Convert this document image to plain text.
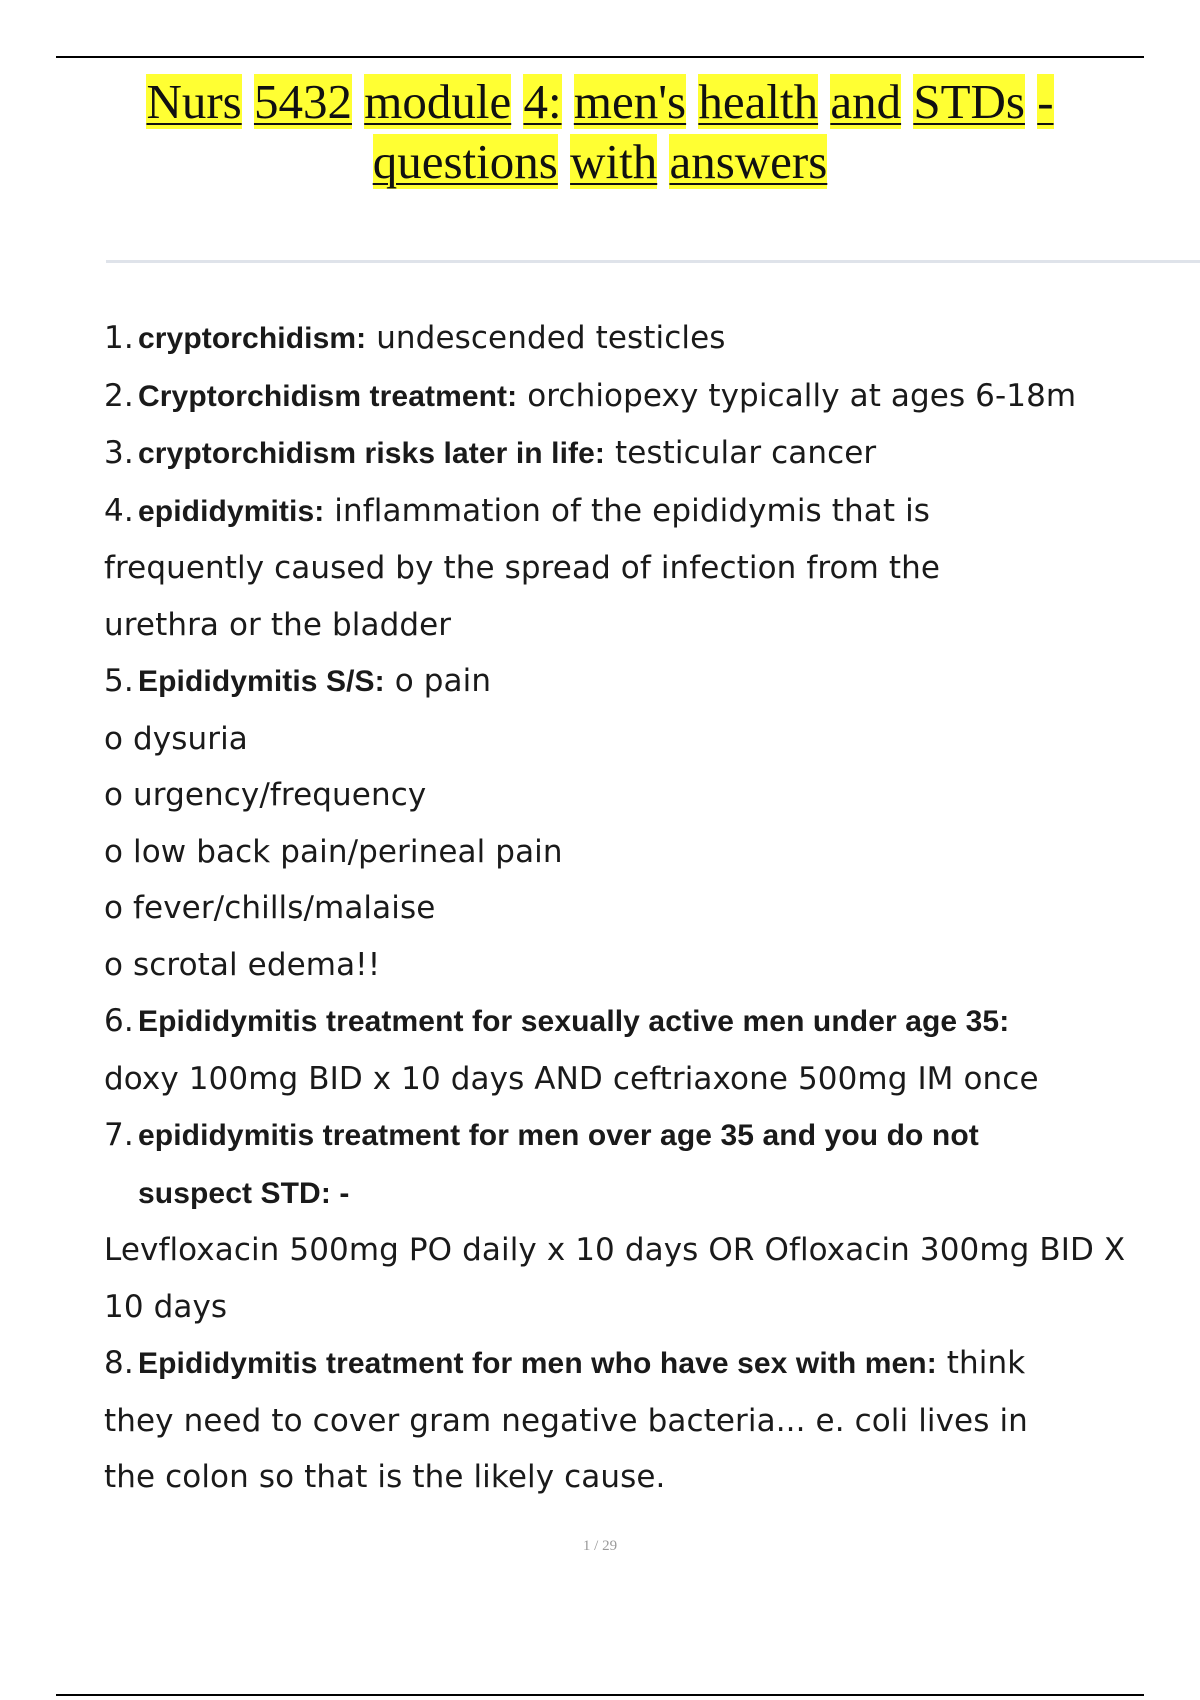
Nurs 5432 module 4: men's health and STDs -
questions with answers
1. cryptorchidism: undescended testicles
2. Cryptorchidism treatment: orchiopexy typically at ages 6-18m
3. cryptorchidism risks later in life: testicular cancer
4. epididymitis: inflammation of the epididymis that is
frequently caused by the spread of infection from the
urethra or the bladder
5. Epididymitis S/S: o pain
o dysuria
o urgency/frequency
o low back pain/perineal pain
o fever/chills/malaise
o scrotal edema!!
6. Epididymitis treatment for sexually active men under age 35:
doxy 100mg BID x 10 days AND ceftriaxone 500mg IM once
7. epididymitis treatment for men over age 35 and you do not
suspect STD: -
Levfloxacin 500mg PO daily x 10 days OR Ofloxacin 300mg BID X
10 days
8. Epididymitis treatment for men who have sex with men: think
they need to cover gram negative bacteria... e. coli lives in
the colon so that is the likely cause.
1 / 29
